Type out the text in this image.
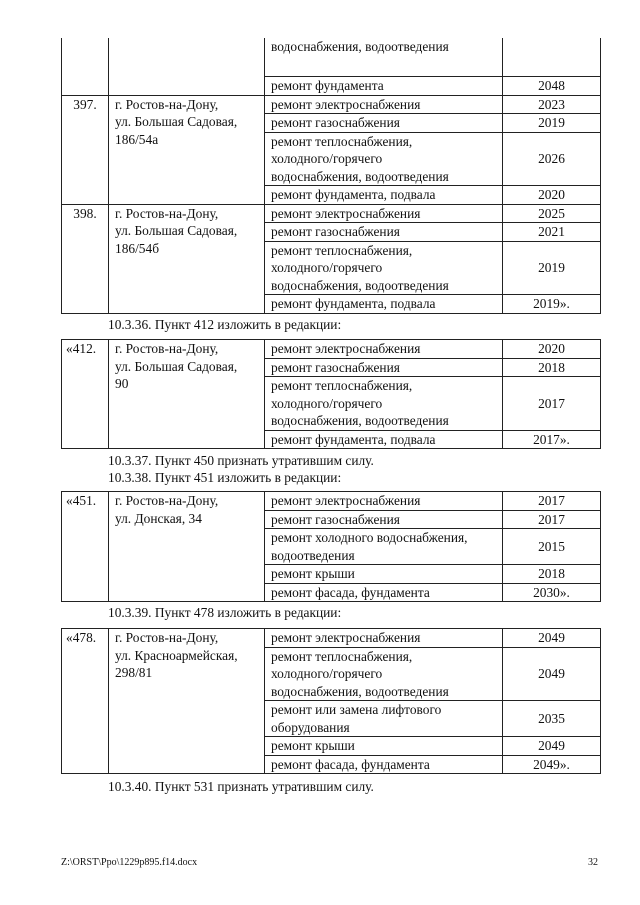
		водоснабжения, водоотведения	
		ремонт фундамента	2048
397.	г. Ростов-на-Дону,
ул. Большая Садовая,
186/54а	ремонт электроснабжения	2023
		ремонт газоснабжения	2019
		ремонт теплоснабжения,
холодного/горячего
водоснабжения, водоотведения	2026
		ремонт фундамента, подвала	2020
398.	г. Ростов-на-Дону,
ул. Большая Садовая,
186/54б	ремонт электроснабжения	2025
		ремонт газоснабжения	2021
		ремонт теплоснабжения,
холодного/горячего
водоснабжения, водоотведения	2019
		ремонт фундамента, подвала	2019».
10.3.36. Пункт 412 изложить в редакции:
«412.	г. Ростов-на-Дону,
ул. Большая Садовая,
90	ремонт электроснабжения	2020
		ремонт газоснабжения	2018
		ремонт теплоснабжения,
холодного/горячего
водоснабжения, водоотведения	2017
		ремонт фундамента, подвала	2017».
10.3.37. Пункт 450 признать утратившим силу.
10.3.38. Пункт 451 изложить в редакции:
«451.	г. Ростов-на-Дону,
ул. Донская, 34	ремонт электроснабжения	2017
		ремонт газоснабжения	2017
		ремонт холодного водоснабжения,
водоотведения	2015
		ремонт крыши	2018
		ремонт фасада, фундамента	2030».
10.3.39. Пункт 478 изложить в редакции:
«478.	г. Ростов-на-Дону,
ул. Красноармейская,
298/81	ремонт электроснабжения	2049
		ремонт теплоснабжения,
холодного/горячего
водоснабжения, водоотведения	2049
		ремонт или замена лифтового
оборудования	2035
		ремонт крыши	2049
		ремонт фасада, фундамента	2049».
10.3.40. Пункт 531 признать утратившим силу.
Z:\ORST\Ppo\1229p895.f14.docx	32
